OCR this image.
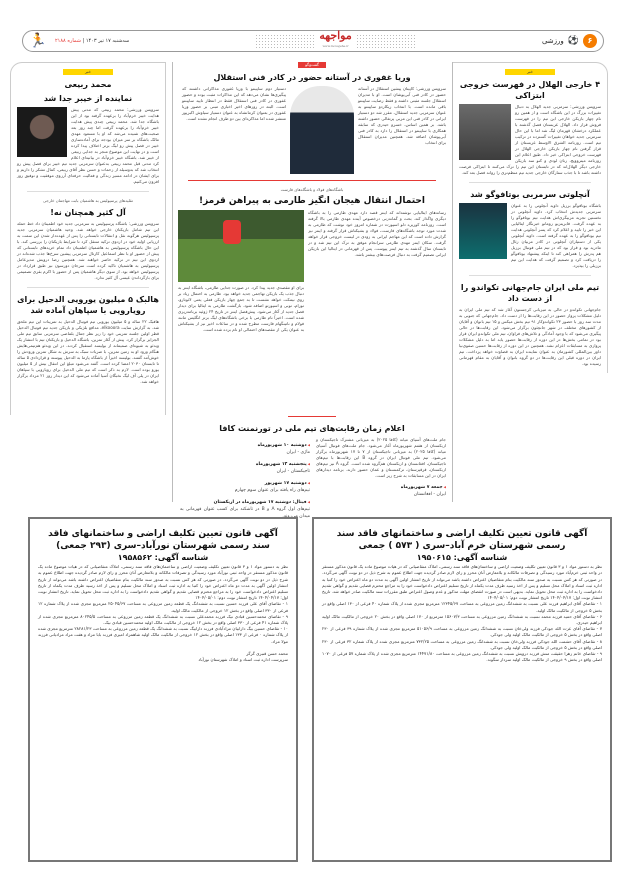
🏃	سه‌شنبه ۱۷ تیر ۱۴۰۳ | شماره ۲۱۸۸	مواجهه
www.movajehe.ir
ورزشی ⚽	۶
خبر
۴ خارجی الهلال در فهرست خروجی ابتزاکی
سرویس ورزشی: سرمربی جدید الهلال به دنبال تغییرات بزرگ در این باشگاه است و از همین رو نام چهار بازیکن خارجی این تیم را در فهرست فروش قرار داد. الهلال عربستان فصل گذشته با عملکرد درخشان قهرمان لیگ شد اما با این حال سرمربی جدید خواهان تغییرات گسترده در ترکیب تیم است. روزنامه الشرق الاوسط عربستان از قرار گرفتن نام چهار بازیکن خارجی الهلال در فهرست خروجی ابتزاکی خبر داد. طبق اعلام این روزنامه میتروویچ، رنان لودی و کنو سه بازیکن خارجی دیگر الهلال‌اند که در تابستان این تیم را ترک می‌کنند تا ابتزاکی فرصت داشته باشد تا با جذب ستارگان خارجی جدید تیم منظم‌تری را روانه فصل بعد کند.
آنچلوتی سرمربی بوتافوگو شد
باشگاه بوتافوگو برزیل داوید آنچلوتی را به عنوان سرمربی جدیدش انتخاب کرد. داوید آنچلوتی در نخستین تجربه مربیگری‌اش هدایت تیم بوتافوگو را به عهده گرفت. فابریتزیو رومانو خبرنگار ایتالیایی این خبر را تایید و اعلام کرد که پسر آنچلوتی هدایت تیم بوتافوگو را به عهده گرفته است. داوید آنچلوتی یکی از دستیاران آنچلوتی در کادر مربیان رئال مادرید بود و قرار بود که در تیم ملی فوتبال برزیل هم پدرش را همراهی کند تا اینکه پیشنهاد بوتافوگو را دریافت کرد و تصمیم گرفت که هدایت این تیم برزیلی را بپذیرد.
تیم ملی ایران جام‌جهانی تکواندو را از دست داد
جام‌جهانی تکواندو در حالی به میزبانی کرجستون آغاز شد که تیم ملی ایران به دلیل مشکلات پرواز حضور در این رقابت‌ها را از دست داد. جام‌جهانی که جنوبی به مدت سه روز با حضور ۲۳ تکواندوکار ۹۱ تیم بخش میکس و ۱۵ تیم بانوان و آقایان از کشورهای مختلف در شهر جانچئون برگزار می‌شود. این رقابت‌ها در حالی پیگیری می‌شود که با وجود آمادگی و تلاش‌های فراوان، تیم ملی تکواندو ایران قرار بود در تمامی بخش‌ها در این دوره از رقابت‌ها حضور یابد اما به دلیل مشکلات پروازی به مسابقات اعزام نشد. همچنین در این دوره از رقابت‌ها حسین صفوی‌نیا داور بین‌المللی کشورمان به عنوان نماینده ایران به قضاوت خواهد پرداخت. تیم ایران در دوره قبلی این رقابت‌ها در دو گروه بانوان و آقایان به مقام قهرمانی رسیده بود.
گفت‌وگو
وریا غفوری در آستانه حضور در کادر فنی استقلال
سرویس ورزشی: کاپیتان پیشین استقلال در آستانه حضور در کادر فنی آبی‌پوشان است. او با مدیران استقلال جلسه مثبتی داشته و فقط رضایت ساپینتو باقی مانده است. با انتخاب ریکاردو ساپینتو به عنوان سرمربی جدید استقلال، مقرر شد دو دستیار ایرانی در کادر فنی این مربی پرتغالی حضور داشته باشد. بر همین اساس، خسرو حیدری که سابقه همکاری با ساپینتو در استقلال را دارد به کادر فنی آبی‌پوشان اضافه شد. همچنین مدیران استقلال برای انتخاب
دستیار دوم ساپینتو با وریا غفوری مذاکراتی داشتند که پیگیری‌ها نشان می‌دهد که این مذاکرات مثبت بوده و حضور غفوری در کادر فنی استقلال فقط در انتظار تایید ساپینتو است. البته در روزهای اخیر اخباری مبنی بر حضور وریا غفوری در بعنوان کرمانشاه به عنوان دستیار سیاوش اکبرپور منتشر شده اما مذاکره‌ای بین دو طرف انجام نشده است.
باشگاه‌های فولاد و باشگاه‌های فارست
احتمال انتقال هیجان انگیز طارمی به پیراهن قرمز!
رسانه‌های ایتالیایی نوشته‌اند که اینتر قصد دارد مهدی طارمی را به باشگاه دیگری واگذار کند. بحث و گمانه‌زنی درخصوص آینده مهدی طارمی بالا گرفته است. روزنامه کوریره دلو اسپورت در شماره امروز خود نوشت که طارمی به شدت مورد توجه باشگاه‌های فارست، فولاد و بشیکتاش قرار گرفته و اینتر نیز گزارش داده است که این مهاجم ایرانی به زودی در لیست خروجی قرار خواهد گرفت. سکان اینتر مهدی طارمی سرانجام موفق به ترک این تیم شد و در تابستان سال گذشته به تیم اینتر پیوست. پس از قهرمانی در ایتالیا این بازیکن ایرانی تصمیم گرفت به دنبال فرصت‌های بیشتر باشد.
برای او مقصدی جدید پیدا کرد. در صورت جدایی طارمی، باشگاه اینتر به دنبال جذب یک بازیکن تهاجمی جدید خواهد بود. طارمی به احتمال زیاد بر روی نیمکت خواهد نشست تا به جمع چهار بازیکن فعلی یعنی لائوتارو، تورام، توبی و اسپورتو اضافه شود. بازگشت طارمی به ایتالیا برای دیدار فصل جدید از آغاز می‌شود. پیش‌فصل اینتر در تاریخ ۲۴ ژوئیه برنامه‌ریزی شده است. اخیراً نام طارمی با برخی باشگاه‌های لیگ برتر انگلیس مانند فولام و ناتینگهام فارست مطرح شده و در ساعات اخیر نیز از بشیکتاش به عنوان یکی از مقصدهای احتمالی او نام برده شده است.
اعلام زمان رقابت‌های تیم ملی در تورنمنت کافا
جام ملت‌های آسیای میانه (کافا ۲۰۲۵) به میزبانی مشترک تاجیکستان و ازبکستان از هفتم شهریورماه آغاز می‌شود. جام ملت‌های فوتبال آسیای میانه (کافا ۲۰۲۵) به میزبانی تاجیکستان از ۷ تا ۱۷ شهریورماه برگزار می‌شود. تیم ملی فوتبال ایران در گروه B این رقابت‌ها با تیم‌های تاجیکستان، افغانستان و ازبکستان هم‌گروه شده است. گروه A نیز تیم‌های ازبکستان، قرقیزستان، ترکمنستان و عمان حضور دارند. برنامه دیدارهای ایران در این مسابقات به شرح زیر است.
◀ جمعه ۷ شهریورماه
ایران - افغانستان
◀ دوشنبه ۱۰ شهریورماه
ماژی - ایران
◀ پنجشنبه ۱۳ شهریورماه
تاجیکستان - ایران
◀ دوشنبه ۱۷ شهریور
تیم‌های راه یافته برای عنوان سوم چهارم
◀ فینال: دوشنبه ۱۷ شهریورماه در ازبکستان
تیم‌های اول گروه A و B در تاشکند برای کسب عنوان قهرمانی به میدان می‌روند.
خبر
محمد ربیعی
نماینده از خیبر جدا شد
سرویس ورزشی: محمد ربیعی که مدتی پیش هدایت خیبر خرم‌آباد را برعهده گرفته بود از این باشگاه جدا شد. محمد ربیعی چندی پیش هدایت خیبر خرم‌آباد را برعهده گرفت اما چند روز بعد صحبت‌های شنیده می‌شد که او با مسعود مهدی مالک باشگاه بر سر میزان بودجه برای آماده‌سازی خیبر در فصل پیش رو لیگ برتر اختلاف پیدا کرده است و در نهایت این موضوع منجر به جدایی ربیعی از خیبر شد. باشگاه خیبر خرم‌آباد در بیانیه‌ای اعلام کرد مدتی قبل محمد ربیعی به‌عنوان سرمربی جدید تیم خیبر برای فصل پیش رو انتخاب شد که به‌وسیله از زحمات و حسن نظر آقای ربیعی، کمال تشکر را داریم و برای ایشان در ادامه مسیر زندگی و فعالیت حرفه‌ای آرزوی موفقیت و توفیق روز افزون می‌کنیم.
تقلیدهای پرسپولیس به هاشمیان بابت مهاجمان خارجی
آل کثیر همچنان نه!
سرویس ورزشی: باشگاه پرسپولیس به سرمربی جدید خود اطمینان داد خط حمله این تیم شامل بازیکنان خارجی خواهد شد. وحید هاشمیان سرمربی جدید پرسپولیس هرگونه نقل و انتقالات تابستانی را پس از عهده‌دار شدن این سمت به ارزیابی اولیه خود در اردوی ترکیه منتقل کرد تا شرایط بازیکنان را بررسی کند. با این حال باشگاه پرسپولیس به هاشمیان اطمینان داد تمام خریدهای تابستانی که پیش از حضور او با نظر اسماعیل کارتال سرمربی پیشین سرخ‌ها جذب شده‌اند در اردوی این تیم در ترکیه حاضر خواهند شد. همچنین رضا درویش مدیرعامل پرسپولیس به هاشمیان تاکید کرده است سرجان دورسون نیز طبق قرارداد در پرسپولیس خواهد بود. از سوی دیگر هاشمیان پس از حضور با اکرم بقری تصمیمی برای بازگرداندن عیسی آل کثیر ندارد.
هالبک ۵ میلیون یورویی الدحیل برای رویارویی با سپاهان آماده شد
هافبک ۲۲ ساله و ۵ میلیون یورویی تیم فوتبال الدحیل به تمرینات این تیم ملحق شد. به گزارش سایت elkooora، مدافع بلژیکی و بازیکن جدید تیم فوتبال الدحیل قطر اولین جلسه تمرینی خود را زیر نظر جمال بلماضی سرمربی سابق تیم ملی الجزایر برگزار کرد. پیش از آغاز تمرین، باشگاه الدحیل و بازیکنان تیم با انتشار یک ویدئو به شیوه‌ای صمیمانه از بولیسه استقبال کردند. در این ویدئو هم‌تیمی‌هایش هنگام ورود او به زمین تمرین، با ضربات سبک به سرش به شکل تمرین ورودش را خوش‌آمد گفتند. بولیسه اخیراً از باشگاه پارما به الدحیل پیوسته و قراردادی ۵ ساله تا تابستان ۲۰۳۰ امضا کرده است. گفته می‌شود مبلغ این انتقال بیش از ۵ میلیون یورو بوده است. لازم به ذکر است که تیم ملی الدحیل برای رویارویی با سپاهان ایران در پلی آف لیگ نخبگان آسیا آماده می‌شود که این دیدار روز ۲۱ مرداد برگزار خواهد شد.
آگهی قانون تعیین تکلیف اراضی و ساختمانهای فاقد سند رسمی شهرستان خرم آباد–سری ( ۵۷۳ ) جمعی
شناسه آگهی: ۱۹۵۰۶۱۵
نظر به دستور مواد ۱ و ۳ قانون تعیین تکلیف وضعیت اراضی و ساختمان‌های فاقد سند رسمی، املاک متقاضیانی که در هیات موضوع ماده یک قانون مذکور مستقر در واحد ثبتی خرم‌آباد مورد رسیدگی و تصرفات مالکانه و بلامعارض آنان محرز و رای لازم صادر گردیده جهت اطلاع عموم به شرح ذیل در دو نوبت آگهی می‌گردد. در صورتی که هر کس نسبت به صدور سند مالکیت بنام متقاضیان اعتراض داشته باشد می‌تواند از تاریخ انتشار اولین آگهی به مدت دو ماه اعتراض خود را کتبا به اداره ثبت اسناد و املاک محل تسلیم و پس از اخذ رسید ظرف مدت یکماه از تاریخ تسلیم اعتراض دادخواست خود را به مراجع محترم قضایی تقدیم و گواهی تقدیم دادخواست را به اداره ثبت محل تحویل نماید. بدیهی است در صورت انقضای مهلت مذکور و عدم وصول اعتراض طبق مقررات سند مالکیت صادر خواهد شد. تاریخ انتشار نوبت اول: ۱۴۰۴/۰۴/۱۷ تاریخ انتشار نوبت دوم: ۱۴۰۴/۰۵/۰۱
۱ - تقاضای آقای ابراهیم فرزند علی نسبت به ششدانگ زمین مزروعی به مساحت ۱۲۳۴۵/۶۷ مترمربع مجزی شده از پلاک شماره ۴۰ فرعی از ۱۳۰ اصلی واقع در بخش ۵ خروجی از مالکیت مالک اولیه.
۶ - تقاضای آقای حمید فرزند محمد نسبت به ششدانگ زمین مزروعی به مساحت ۱۵۶۰۷/۳ مترمربع از ۱۷۰ اصلی واقع در بخش ۲۰ خروجی از مالکیت مالک اولیه ابراهیم حیدری.
۷ - تقاضای آقای عزت الله جودکی فرزند ولی‌خان نسبت به ششدانگ زمین مزروعی به مساحت ۵۱۰۵۶/۹ مترمربع مجزی شده از پلاک شماره ۳۹ فرعی از ۲۳۰ اصلی واقع در بخش ۵ خروجی از مالکیت مالک اولیه ولی جودکی.
۸ - تقاضای آقای حشمت الله جودکی فرزند ولی‌خان نسبت به ششدانگ زمین مزروعی به مساحت ۷۳۲/۲۵ مترمربع مجزی شده از پلاک شماره ۳۲ فرعی از ۲۳۰ اصلی واقع در بخش ۵ خروجی از مالکیت مالک اولیه ولی جودکی.
۹ - تقاضای خانم زهرا حقیقت منش فرزند درویش نسبت به ششدانگ زمین مزروعی به مساحت ۱۴۴۷۱/۸۰ مترمربع مجزی شده از پلاک شماره ۵۷ فرعی از ۱۰۷۰ اصلی واقع در بخش ۹ خروجی از مالکیت مالک اولیه سردار سگوند.
آگهی قانون تعیین تکلیف اراضی و ساختمانهای فاقد سند رسمی شهرستان نورآباد–سری (۲۹۳ جمعی)
شناسه آگهی: ۱۹۵۸۵۶۲
نظر به دستور مواد ۱ و ۳ قانون تعیین تکلیف وضعیت اراضی و ساختمان‌های فاقد سند رسمی، املاک متقاضیانی که در هیات موضوع ماده یک قانون مذکور مستقر در واحد ثبتی نورآباد مورد رسیدگی و تصرفات مالکانه و بلامعارض آنان محرز و رای لازم صادر گردیده جهت اطلاع عموم به شرح ذیل در دو نوبت آگهی می‌گردد. در صورتی که هر کس نسبت به صدور سند مالکیت بنام متقاضیان اعتراض داشته باشد می‌تواند از تاریخ انتشار اولین آگهی به مدت دو ماه اعتراض خود را کتبا به اداره ثبت اسناد و املاک محل تسلیم و پس از اخذ رسید ظرف مدت یکماه از تاریخ تسلیم اعتراض دادخواست خود را به مراجع محترم قضایی تقدیم و گواهی تقدیم دادخواست را به اداره ثبت محل تحویل نماید. تاریخ انتشار نوبت اول: ۱۴۰۴/۰۴/۱۷ تاریخ انتشار نوبت دوم: ۱۴۰۴/۰۵/۰۱
۱ - تقاضای آقای علی فرزند حسین نسبت به ششدانگ یک قطعه زمین مزروعی به مساحت ۲۵۰۴۵/۶۷ مترمربع مجزی شده از پلاک شماره ۱۲ فرعی از ۳۳۰ اصلی واقع در بخش ۱۲ خروجی از مالکیت مالک اولیه.
۹ - تقاضای محمدحسین قبادی نیک فرزند محمدعلی نسبت به ششدانگ یک قطعه زمین مزروعی به مساحت ۸۰۲۴۵/۵ مترمربع مجزی شده از پلاک شماره ۴۱ فرعی از ۳۳۰ اصلی واقع در بخش ۱۲ خروجی از مالکیت مالک اولیه محمدحسین قبادی نیک.
۱۰ - تقاضای حسین بیگ دارابیان مرادآبادی فرزند دارابیگ نسبت به ششدانگ یک قطعه زمین مزروعی به مساحت ۲۸۲۸۱/۲۳ مترمربع مجزی شده از پلاک شماره ۰ فرعی از ۱۳۳ اصلی واقع در بخش ۱۲ خروجی از مالکیت مالک اولیه شاهمراد امیری فرزند بابا مراد و هفت مراد مرادیانی فرزند مولا مراد.
محمد حسن قنبری گرگر
سرپرست اداره ثبت اسناد و املاک شهرستان نورآباد
